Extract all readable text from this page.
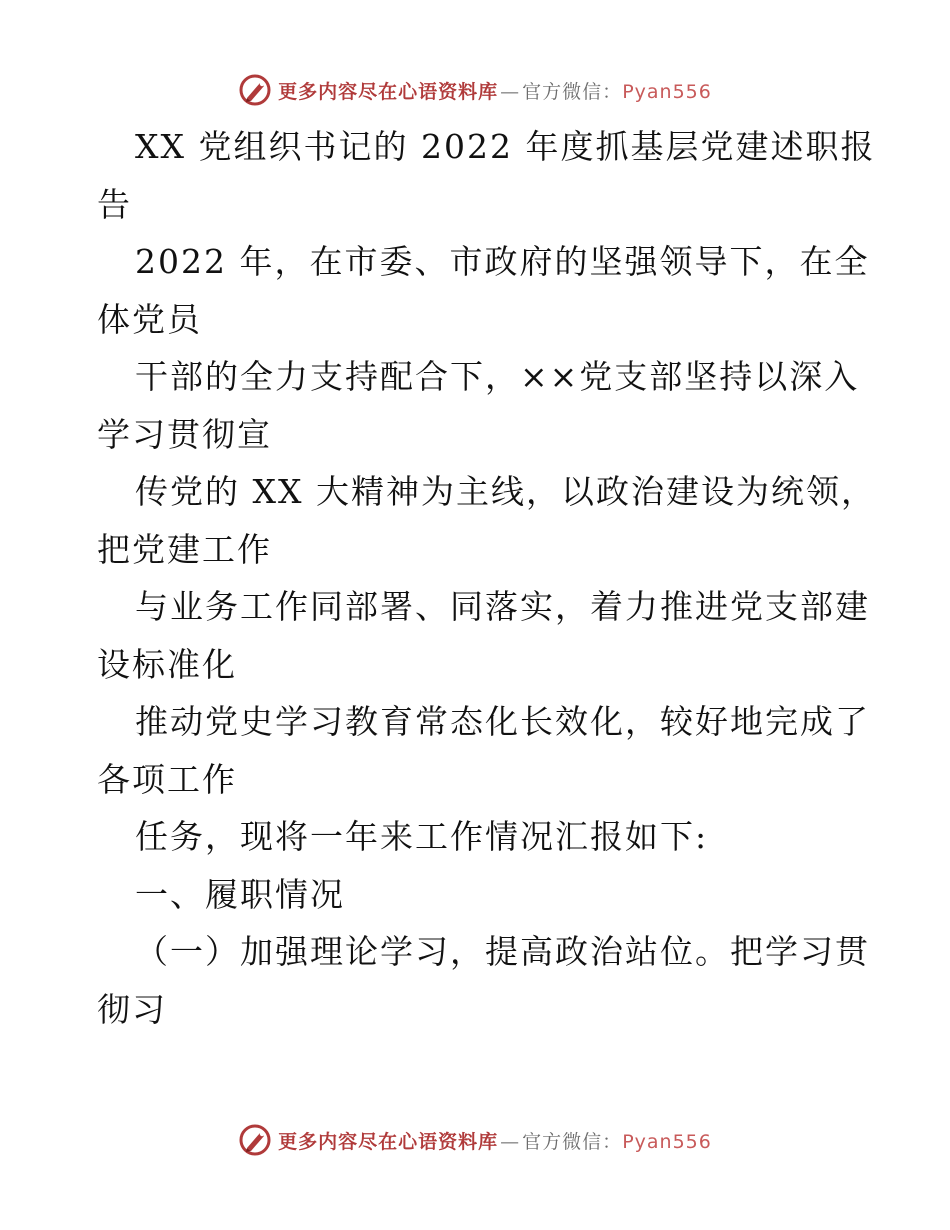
更多内容尽在心语资料库 — 官方微信：Pyan556
XX 党组织书记的 2022 年度抓基层党建述职报
告
2022 年，在市委、市政府的坚强领导下，在全
体党员
干部的全力支持配合下，××党支部坚持以深入
学习贯彻宣
传党的 XX 大精神为主线，以政治建设为统领，
把党建工作
与业务工作同部署、同落实，着力推进党支部建
设标准化
推动党史学习教育常态化长效化，较好地完成了
各项工作
任务，现将一年来工作情况汇报如下:
一、履职情况
（一）加强理论学习，提高政治站位。把学习贯
彻习
更多内容尽在心语资料库 — 官方微信：Pyan556
